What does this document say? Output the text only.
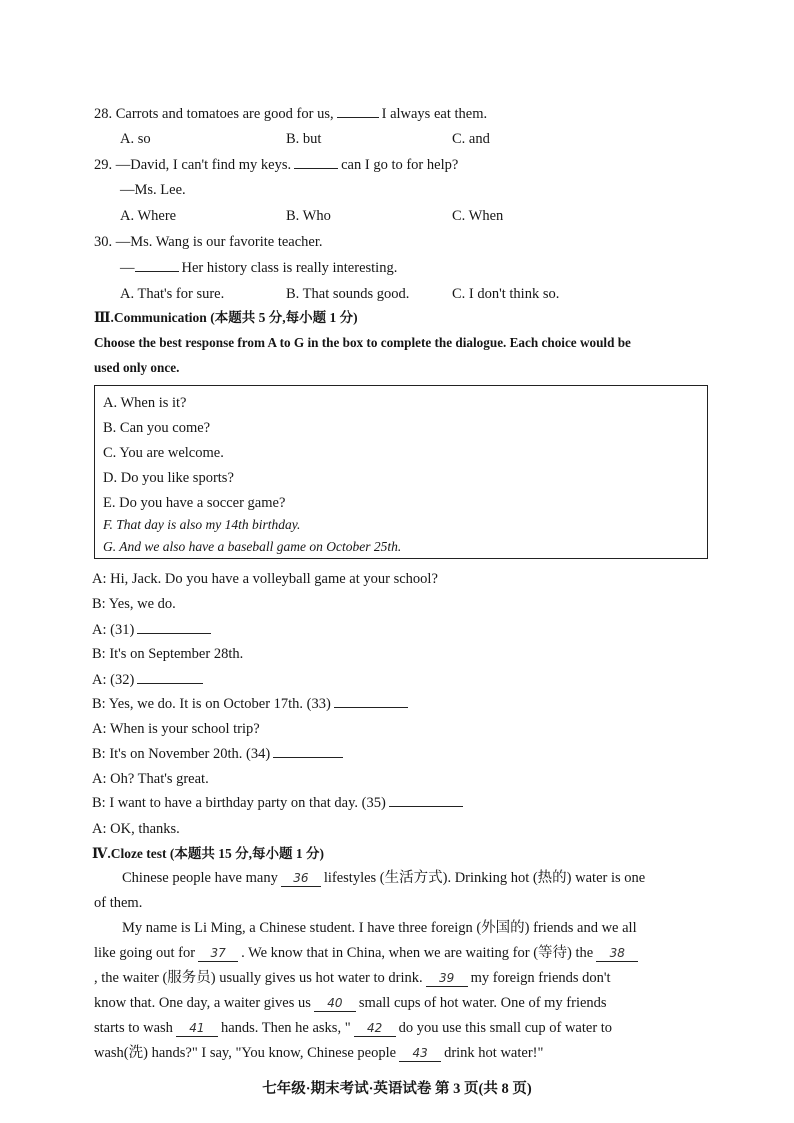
28. Carrots and tomatoes are good for us,	I always eat them.
A. so	B. but	C. and
29. —David, I can't find my keys.	can I go to for help?
—Ms. Lee.
A. Where	B. Who	C. When
30. —Ms. Wang is our favorite teacher.
—	Her history class is really interesting.
A. That's for sure.	B. That sounds good.	C. I don't think so.
Ⅲ.Communication (本题共 5 分,每小题 1 分)
Choose the best response from A to G in the box to complete the dialogue. Each choice would be
used only once.
A. When is it?
B. Can you come?
C. You are welcome.
D. Do you like sports?
E. Do you have a soccer game?
F. That day is also my 14th birthday.
G. And we also have a baseball game on October 25th.
A: Hi, Jack. Do you have a volleyball game at your school?
B: Yes, we do.
A: (31)
B: It's on September 28th.
A: (32)
B: Yes, we do. It is on October 17th. (33)
A: When is your school trip?
B: It's on November 20th. (34)
A: Oh? That's great.
B: I want to have a birthday party on that day. (35)
A: OK, thanks.
Ⅳ.Cloze test (本题共 15 分,每小题 1 分)
Chinese people have many 36 lifestyles (生活方式). Drinking hot (热的) water is one
of them.
My name is Li Ming, a Chinese student. I have three foreign (外国的) friends and we all
like going out for 37 . We know that in China, when we are waiting for (等待) the 38
, the waiter (服务员) usually gives us hot water to drink. 39 my foreign friends don't
know that. One day, a waiter gives us 40 small cups of hot water. One of my friends
starts to wash 41 hands. Then he asks, " 42 do you use this small cup of water to
wash(洗) hands?" I say, "You know, Chinese people 43 drink hot water!"
七年级·期末考试·英语试卷 第 3 页(共 8 页)
